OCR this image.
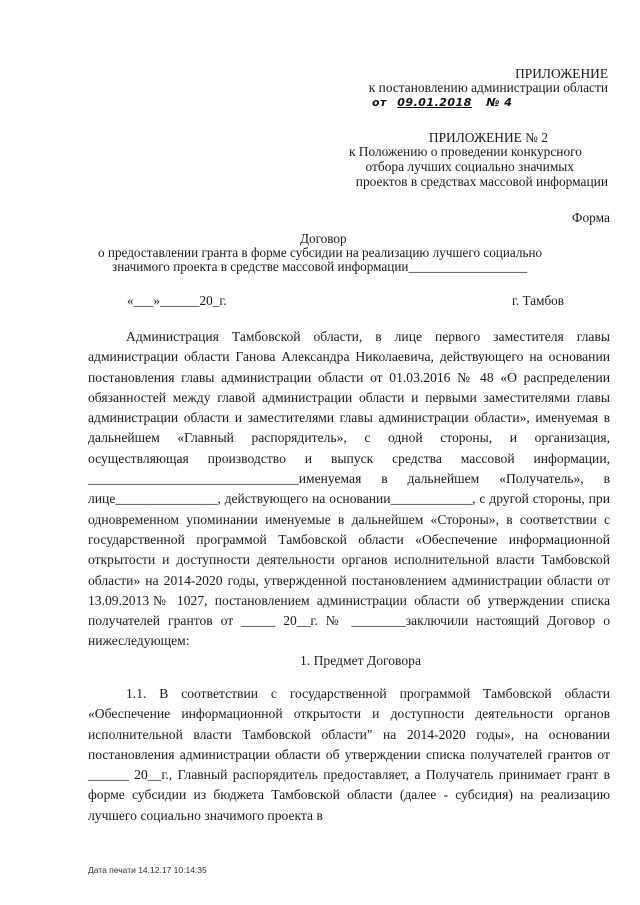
ПРИЛОЖЕНИЕ
к постановлению администрации области
от 09.01.2018 № 4
ПРИЛОЖЕНИЕ № 2
к Положению о проведении конкурсного
отбора лучших социально значимых
проектов в средствах массовой информации
Форма
Договор
о предоставлении гранта в форме субсидии на реализацию лучшего социально
значимого проекта в средстве массовой информации__________________
«___»______20_г.	г. Тамбов

Администрация Тамбовской области, в лице первого заместителя главы администрации области Ганова Александра Николаевича, действующего на основании постановления главы администрации области от 01.03.2016 № 48 «О распределении обязанностей между главой администрации области и первыми заместителями главы администрации области и заместителями главы администрации области», именуемая в дальнейшем «Главный распорядитель», с одной стороны, и организация, осуществляющая производство и выпуск средства массовой информации, _______________________________именуемая в дальнейшем «Получатель», в лице_______________, действующего на основании____________, с другой стороны, при одновременном упоминании именуемые в дальнейшем «Стороны», в соответствии с государственной программой Тамбовской области «Обеспечение информационной открытости и доступности деятельности органов исполнительной власти Тамбовской области» на 2014-2020 годы, утвержденной постановлением администрации области от 13.09.2013№ 1027, постановлением администрации области об утверждении списка получателей грантов от _____ 20__г. № ________заключили настоящий Договор о нижеследующем:

1. Предмет Договора

1.1. В соответствии с государственной программой Тамбовской области «Обеспечение информационной открытости и доступности деятельности органов исполнительной власти Тамбовской области" на 2014-2020 годы», на основании постановления администрации области об утверждении списка получателей грантов от ______ 20__г., Главный распорядитель предоставляет, а Получатель принимает грант в форме субсидии из бюджета Тамбовской области (далее - субсидия) на реализацию лучшего социально значимого проекта в

Дата печати 14.12.17 10:14:35
